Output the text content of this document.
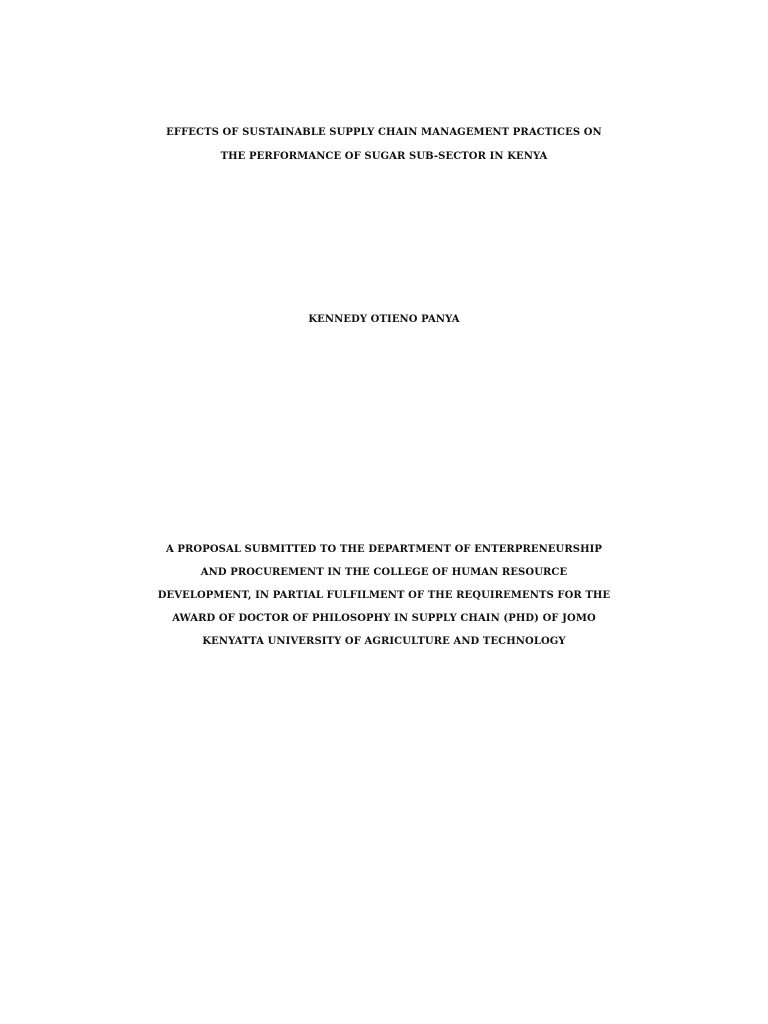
EFFECTS OF SUSTAINABLE SUPPLY CHAIN MANAGEMENT PRACTICES ON
THE PERFORMANCE OF SUGAR SUB-SECTOR IN KENYA
KENNEDY OTIENO PANYA
A PROPOSAL SUBMITTED TO THE DEPARTMENT OF ENTERPRENEURSHIP
AND PROCUREMENT IN THE COLLEGE OF HUMAN RESOURCE
DEVELOPMENT, IN PARTIAL FULFILMENT OF THE REQUIREMENTS FOR THE
AWARD OF DOCTOR OF PHILOSOPHY IN SUPPLY CHAIN (PHD) OF JOMO
KENYATTA UNIVERSITY OF AGRICULTURE AND TECHNOLOGY
